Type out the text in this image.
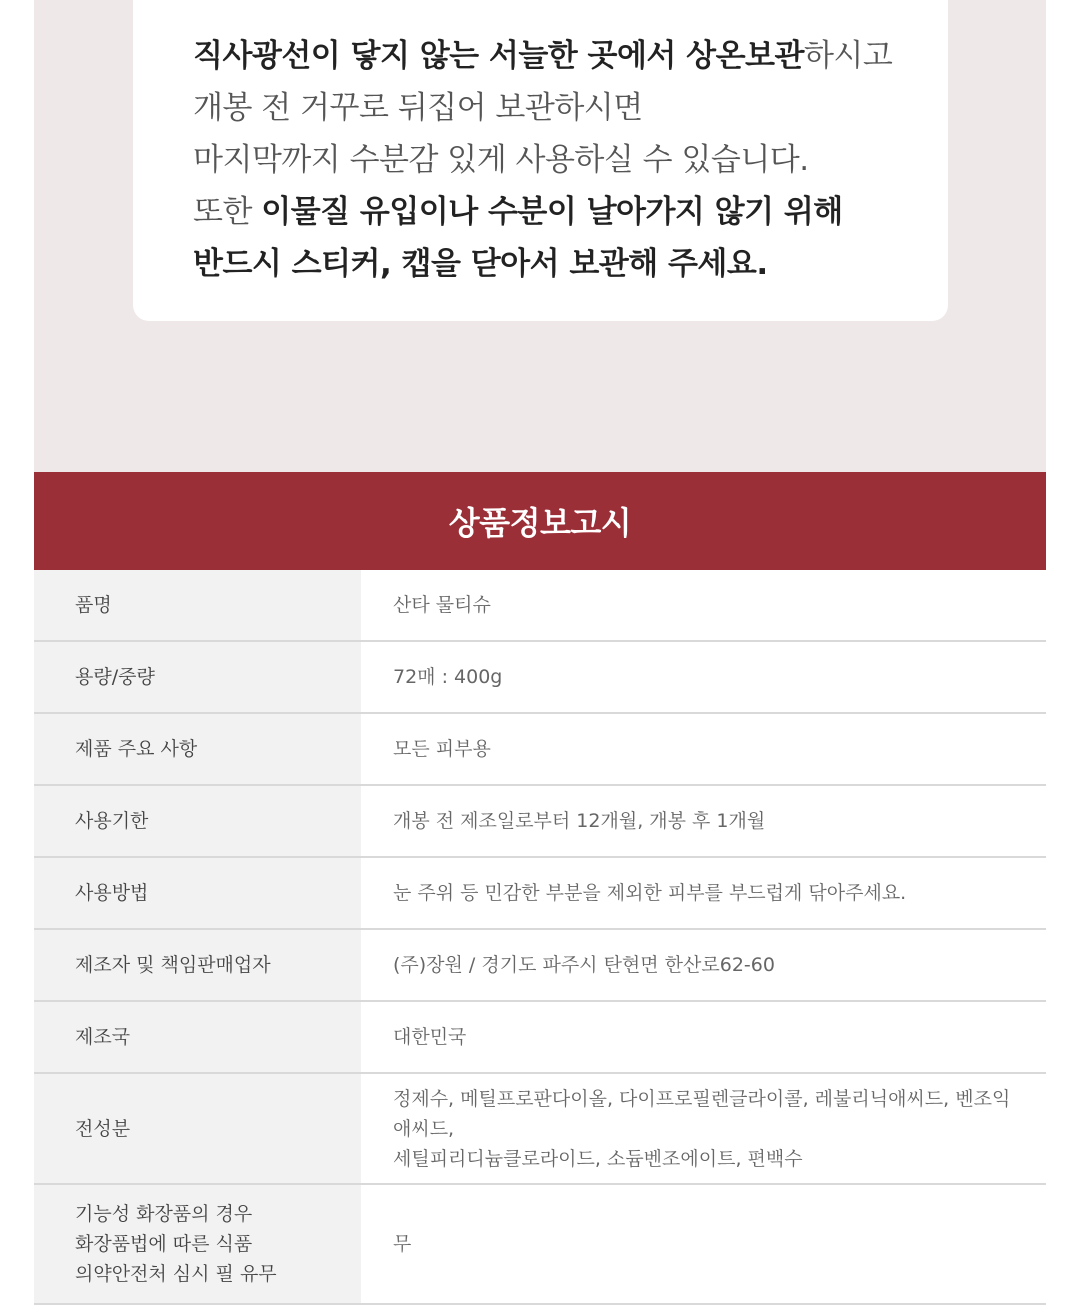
직사광선이 닿지 않는 서늘한 곳에서 상온보관하시고
개봉 전 거꾸로 뒤집어 보관하시면
마지막까지 수분감 있게 사용하실 수 있습니다.
또한 이물질 유입이나 수분이 날아가지 않기 위해
반드시 스티커, 캡을 닫아서 보관해 주세요.
상품정보고시
품명	산타 물티슈
용량/중량	72매 : 400g
제품 주요 사항	모든 피부용
사용기한	개봉 전 제조일로부터 12개월, 개봉 후 1개월
사용방법	눈 주위 등 민감한 부분을 제외한 피부를 부드럽게 닦아주세요.
제조자 및 책임판매업자	(주)장원 / 경기도 파주시 탄현면 한산로62-60
제조국	대한민국
전성분	정제수, 메틸프로판다이올, 다이프로필렌글라이콜, 레불리닉애씨드, 벤조익애씨드,
세틸피리디늄클로라이드, 소듐벤조에이트, 편백수

기능성 화장품의 경우
화장품법에 따른 식품
의약안전처 심시 필 유무	무
